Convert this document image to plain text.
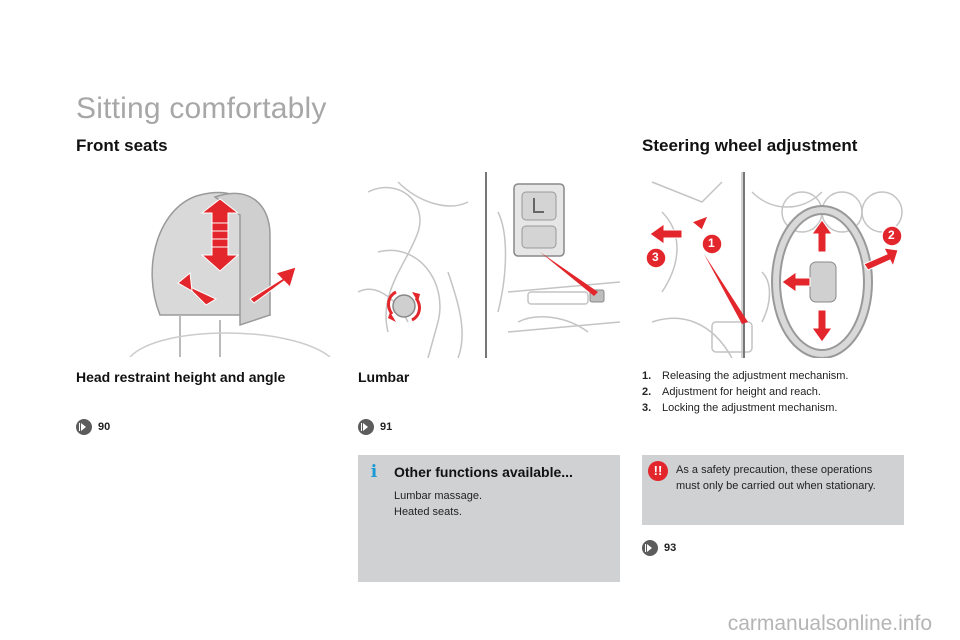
Sitting comfortably
Front seats	Steering wheel adjustment
1
2
3
Head restraint height and angle	Lumbar	1. Releasing the adjustment mechanism.
2. Adjustment for height and reach.
3. Locking the adjustment mechanism.
90	91
i Other functions available...
Lumbar massage.
Heated seats.
!!	As a safety precaution, these operations must only be carried out when stationary.
93
carmanualsonline.info
